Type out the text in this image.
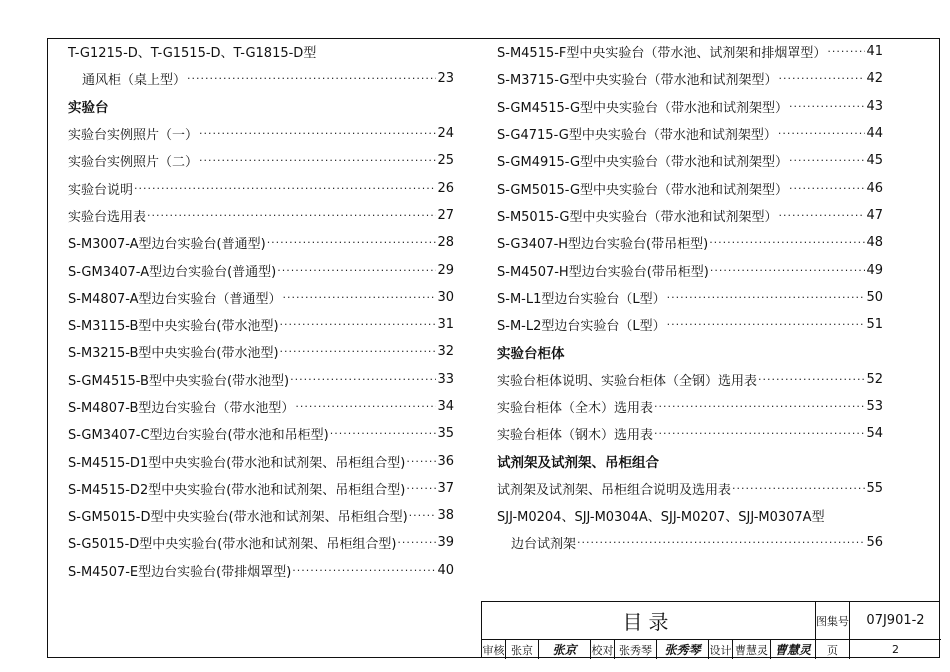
T-G1215-D、T-G1515-D、T-G1815-D型
通风柜（桌上型） ·····	23
实验台
实验台实例照片（一） ·····	24
实验台实例照片（二） ·····	25
实验台说明 ·····	26
实验台选用表 ·····	27
S-M3007-A型边台实验台(普通型) ·····	28
S-GM3407-A型边台实验台(普通型) ·····	29
S-M4807-A型边台实验台（普通型） ·····	30
S-M3115-B型中央实验台(带水池型) ·····	31
S-M3215-B型中央实验台(带水池型) ·····	32
S-GM4515-B型中央实验台(带水池型) ·····	33
S-M4807-B型边台实验台（带水池型） ·····	34
S-GM3407-C型边台实验台(带水池和吊柜型) ·····	35
S-M4515-D1型中央实验台(带水池和试剂架、吊柜组合型) ····· 36
S-M4515-D2型中央实验台(带水池和试剂架、吊柜组合型) ····· 37
S-GM5015-D型中央实验台(带水池和试剂架、吊柜组合型) ····· 38
S-G5015-D型中央实验台(带水池和试剂架、吊柜组合型) ·····	39
S-M4507-E型边台实验台(带排烟罩型) ·····	40
S-M4515-F型中央实验台（带水池、试剂架和排烟罩型） ·····	41
S-M3715-G型中央实验台（带水池和试剂架型） ·····	42
S-GM4515-G型中央实验台（带水池和试剂架型） ·····	43
S-G4715-G型中央实验台（带水池和试剂架型） ·····	44
S-GM4915-G型中央实验台（带水池和试剂架型） ·····	45
S-GM5015-G型中央实验台（带水池和试剂架型） ·····	46
S-M5015-G型中央实验台（带水池和试剂架型） ·····	47
S-G3407-H型边台实验台(带吊柜型) ·····	48
S-M4507-H型边台实验台(带吊柜型) ·····	49
S-M-L1型边台实验台（L型） ·····	50
S-M-L2型边台实验台（L型） ·····	51
实验台柜体
实验台柜体说明、实验台柜体（全钢）选用表 ·····	52
实验台柜体（全木）选用表 ·····	53
实验台柜体（钢木）选用表 ·····	54
试剂架及试剂架、吊柜组合
试剂架及试剂架、吊柜组合说明及选用表 ·····	55
SJJ-M0204、SJJ-M0304A、SJJ-M0207、SJJ-M0307A型
边台试剂架 ·····	56
目录	图集号	07J901-2
审核 张京	张京	校对 张秀琴	张秀琴 设计 曹慧灵 曹慧灵	页	2
